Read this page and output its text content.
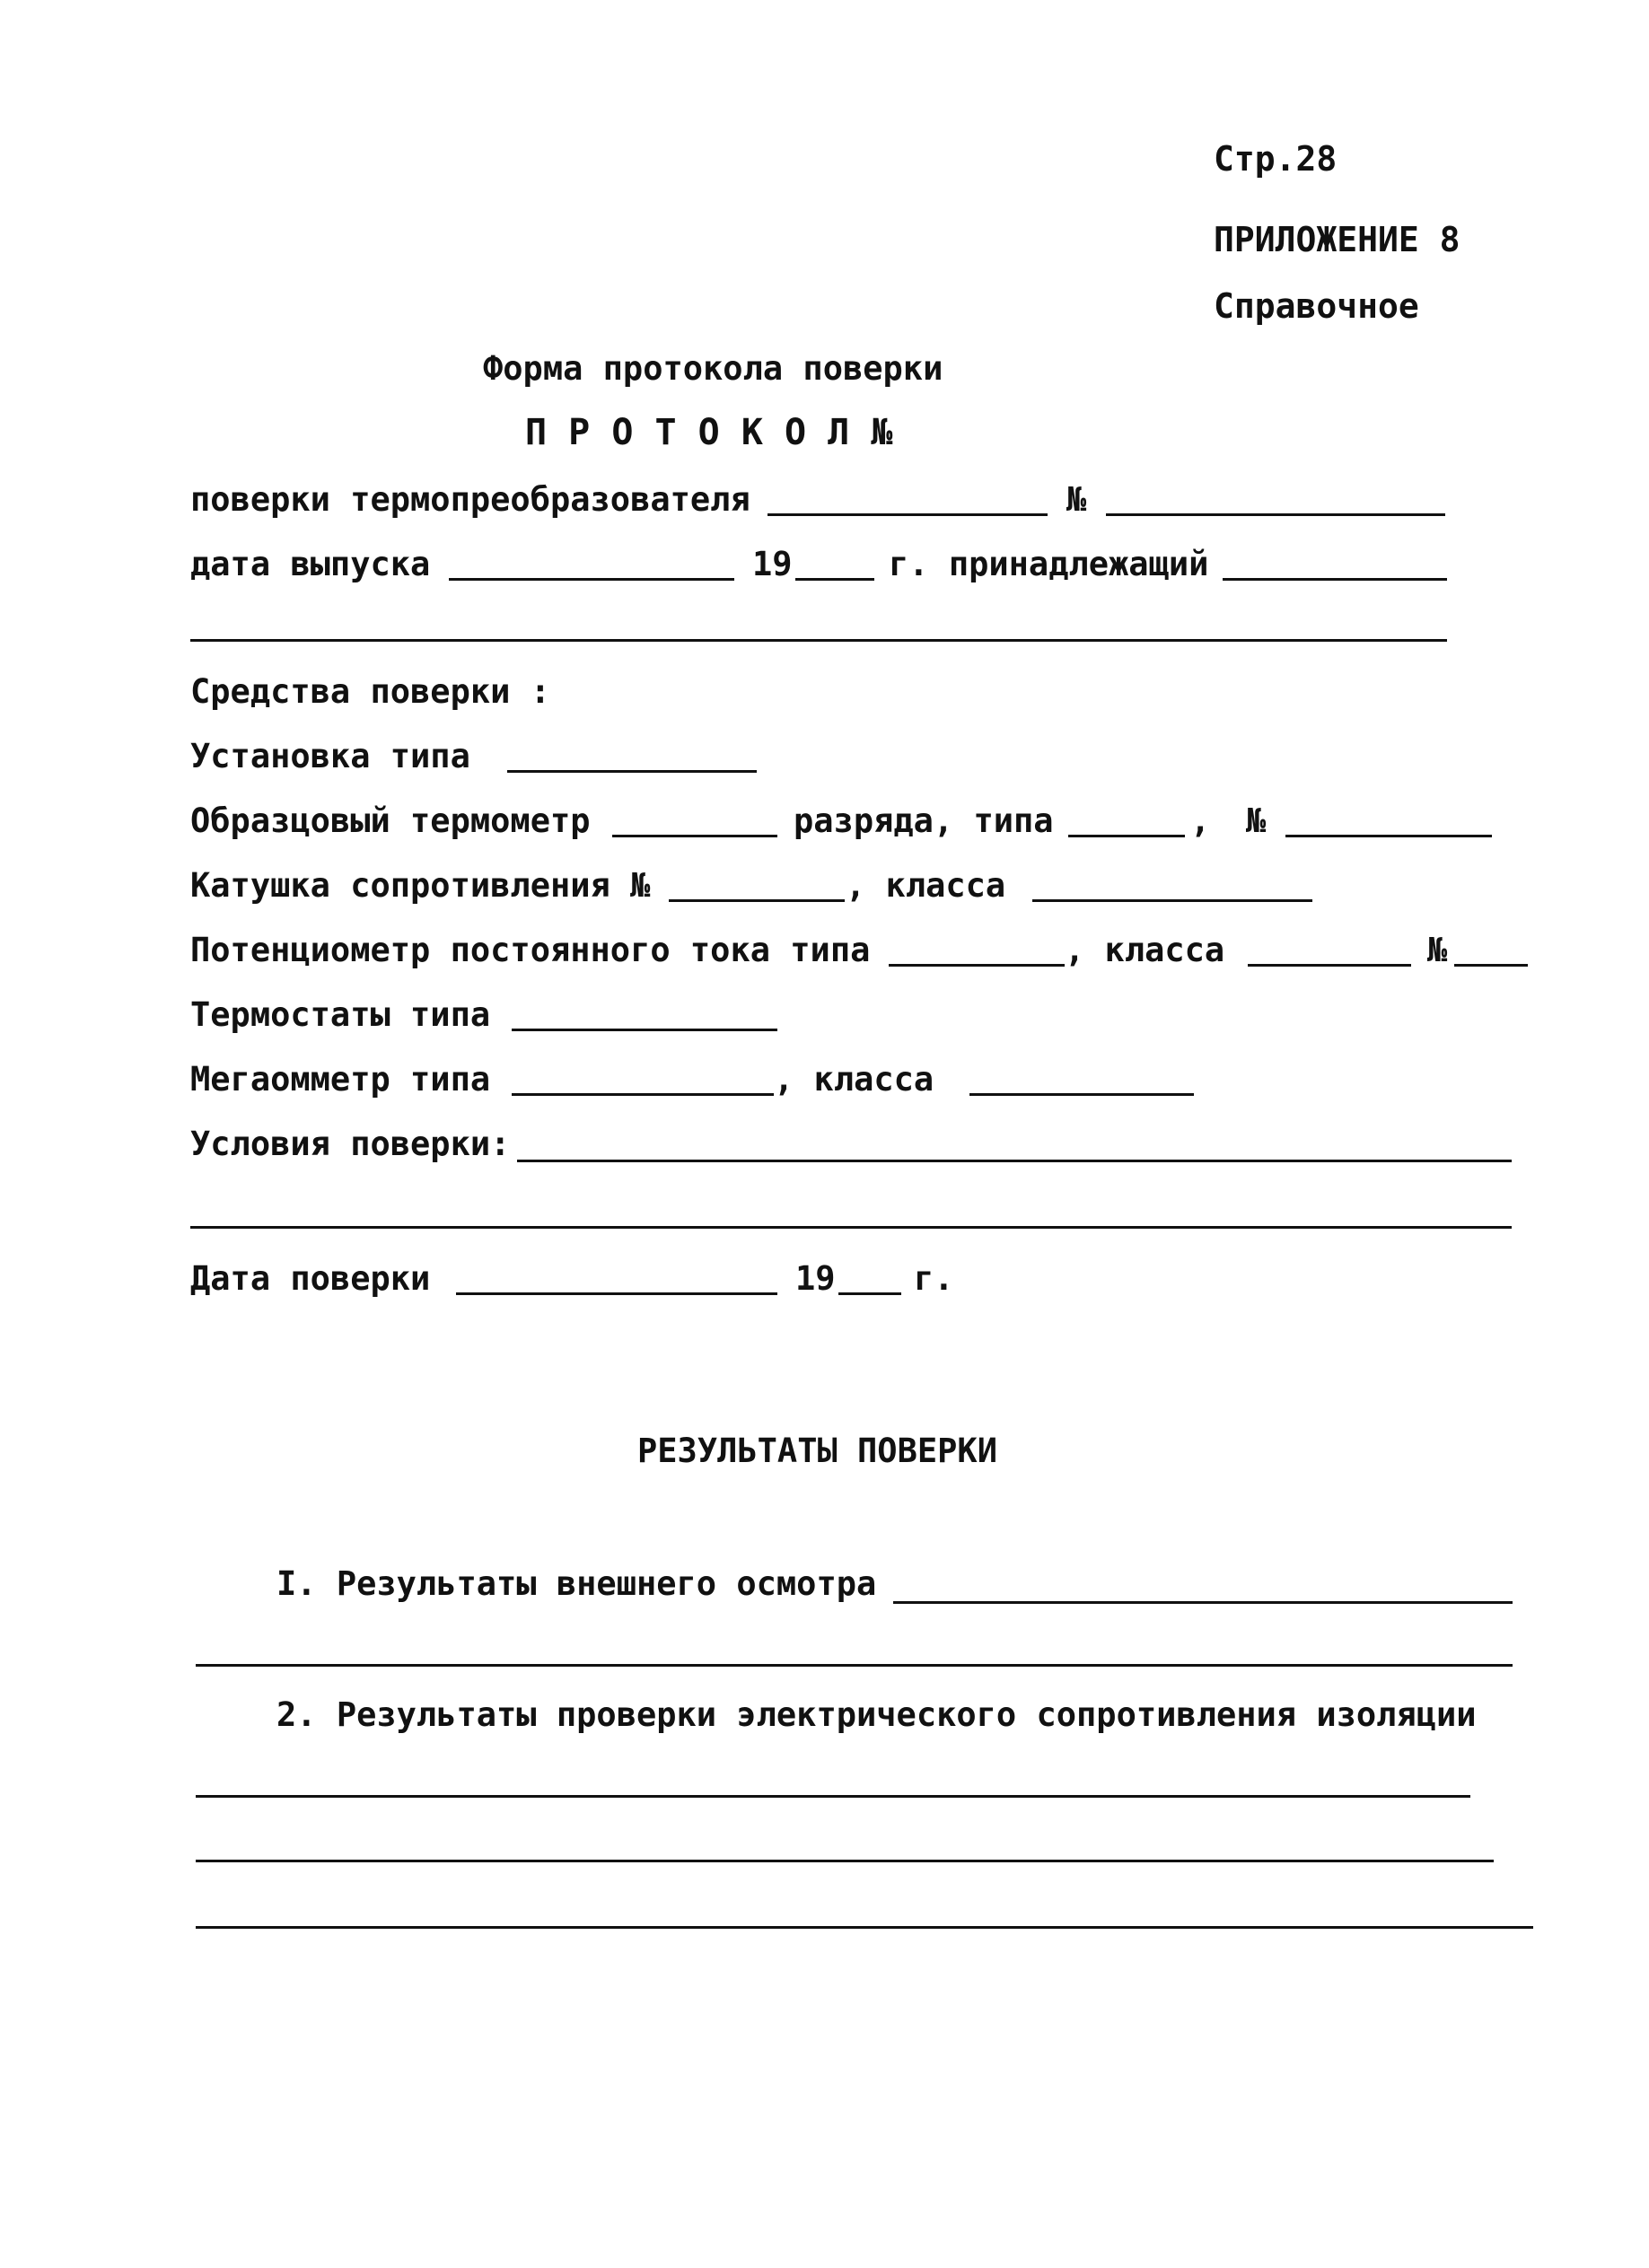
Стр.28
ПРИЛОЖЕНИЕ 8
Справочное
Форма протокола поверки
П Р О Т О К О Л №
поверки термопреобразователя	№
дата выпуска	19	г. принадлежащий
Средства поверки :
Установка типа
Образцовый термометр	разряда, типа	, №
Катушка сопротивления №	, класса
Потенциометр постоянного тока типа	, класса	№
Термостаты типа
Мегаомметр типа	, класса
Условия поверки:
Дата поверки	19 г.
РЕЗУЛЬТАТЫ ПОВЕРКИ
I. Результаты внешнего осмотра
2. Результаты проверки электрического сопротивления изоляции
